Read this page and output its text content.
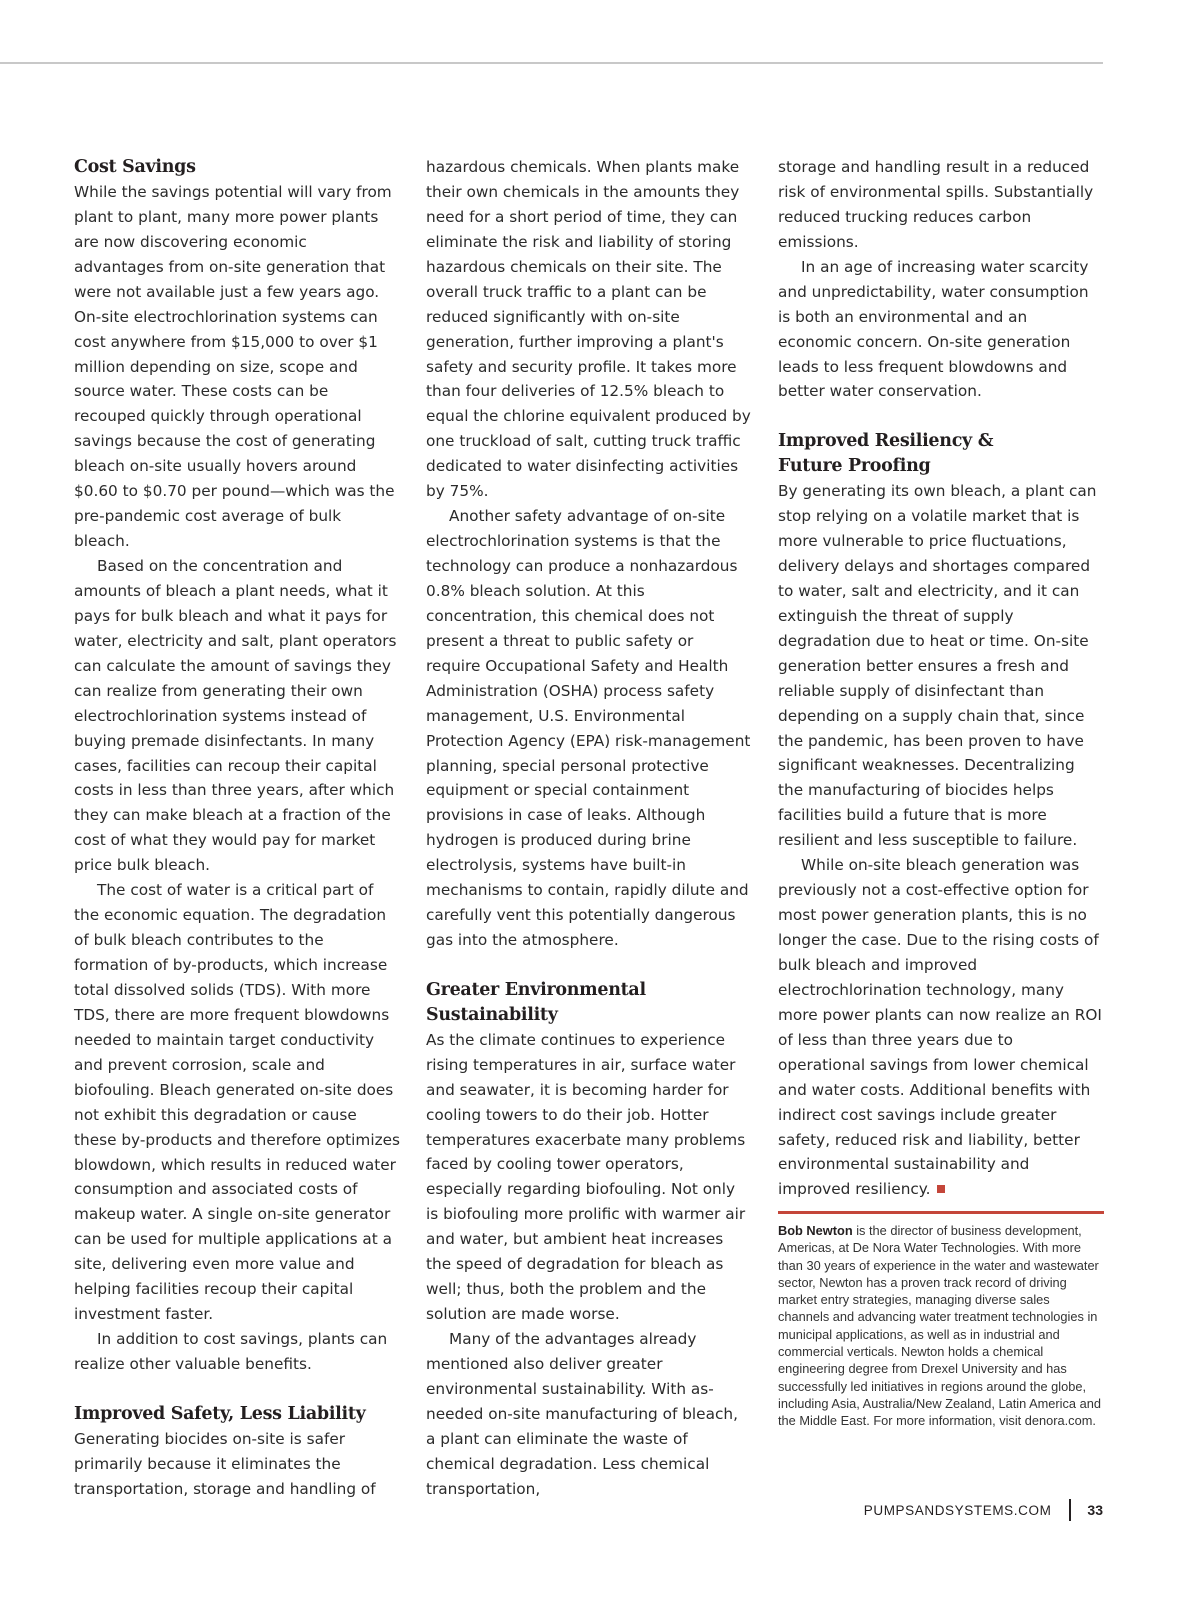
Cost Savings

While the savings potential will vary from plant to plant, many more power plants are now discovering economic advantages from on-site generation that were not available just a few years ago. On-site electrochlorination systems can cost anywhere from $15,000 to over $1 million depending on size, scope and source water. These costs can be recouped quickly through operational savings because the cost of generating bleach on-site usually hovers around $0.60 to $0.70 per pound—which was the pre-pandemic cost average of bulk bleach.

Based on the concentration and amounts of bleach a plant needs, what it pays for bulk bleach and what it pays for water, electricity and salt, plant operators can calculate the amount of savings they can realize from generating their own electrochlorination systems instead of buying premade disinfectants. In many cases, facilities can recoup their capital costs in less than three years, after which they can make bleach at a fraction of the cost of what they would pay for market price bulk bleach.

The cost of water is a critical part of the economic equation. The degradation of bulk bleach contributes to the formation of by-products, which increase total dissolved solids (TDS). With more TDS, there are more frequent blowdowns needed to maintain target conductivity and prevent corrosion, scale and biofouling. Bleach generated on-site does not exhibit this degradation or cause these by-products and therefore optimizes blowdown, which results in reduced water consumption and associated costs of makeup water. A single on-site generator can be used for multiple applications at a site, delivering even more value and helping facilities recoup their capital investment faster.

In addition to cost savings, plants can realize other valuable benefits.

Improved Safety, Less Liability

Generating biocides on-site is safer primarily because it eliminates the transportation, storage and handling of

hazardous chemicals. When plants make their own chemicals in the amounts they need for a short period of time, they can eliminate the risk and liability of storing hazardous chemicals on their site. The overall truck traffic to a plant can be reduced significantly with on-site generation, further improving a plant's safety and security profile. It takes more than four deliveries of 12.5% bleach to equal the chlorine equivalent produced by one truckload of salt, cutting truck traffic dedicated to water disinfecting activities by 75%.

Another safety advantage of on-site electrochlorination systems is that the technology can produce a nonhazardous 0.8% bleach solution. At this concentration, this chemical does not present a threat to public safety or require Occupational Safety and Health Administration (OSHA) process safety management, U.S. Environmental Protection Agency (EPA) risk-management planning, special personal protective equipment or special containment provisions in case of leaks. Although hydrogen is produced during brine electrolysis, systems have built-in mechanisms to contain, rapidly dilute and carefully vent this potentially dangerous gas into the atmosphere.

Greater Environmental
Sustainability

As the climate continues to experience rising temperatures in air, surface water and seawater, it is becoming harder for cooling towers to do their job. Hotter temperatures exacerbate many problems faced by cooling tower operators, especially regarding biofouling. Not only is biofouling more prolific with warmer air and water, but ambient heat increases the speed of degradation for bleach as well; thus, both the problem and the solution are made worse.

Many of the advantages already mentioned also deliver greater environmental sustainability. With as-needed on-site manufacturing of bleach, a plant can eliminate the waste of chemical degradation. Less chemical transportation,

storage and handling result in a reduced risk of environmental spills. Substantially reduced trucking reduces carbon emissions.

In an age of increasing water scarcity and unpredictability, water consumption is both an environmental and an economic concern. On-site generation leads to less frequent blowdowns and better water conservation.

Improved Resiliency &
Future Proofing

By generating its own bleach, a plant can stop relying on a volatile market that is more vulnerable to price fluctuations, delivery delays and shortages compared to water, salt and electricity, and it can extinguish the threat of supply degradation due to heat or time. On-site generation better ensures a fresh and reliable supply of disinfectant than depending on a supply chain that, since the pandemic, has been proven to have significant weaknesses. Decentralizing the manufacturing of biocides helps facilities build a future that is more resilient and less susceptible to failure.

While on-site bleach generation was previously not a cost-effective option for most power generation plants, this is no longer the case. Due to the rising costs of bulk bleach and improved electrochlorination technology, many more power plants can now realize an ROI of less than three years due to operational savings from lower chemical and water costs. Additional benefits with indirect cost savings include greater safety, reduced risk and liability, better environmental sustainability and improved resiliency.

Bob Newton is the director of business development, Americas, at De Nora Water Technologies. With more than 30 years of experience in the water and wastewater sector, Newton has a proven track record of driving market entry strategies, managing diverse sales channels and advancing water treatment technologies in municipal applications, as well as in industrial and commercial verticals. Newton holds a chemical engineering degree from Drexel University and has successfully led initiatives in regions around the globe, including Asia, Australia/New Zealand, Latin America and the Middle East. For more information, visit denora.com.
PUMPSANDSYSTEMS.COM	33
